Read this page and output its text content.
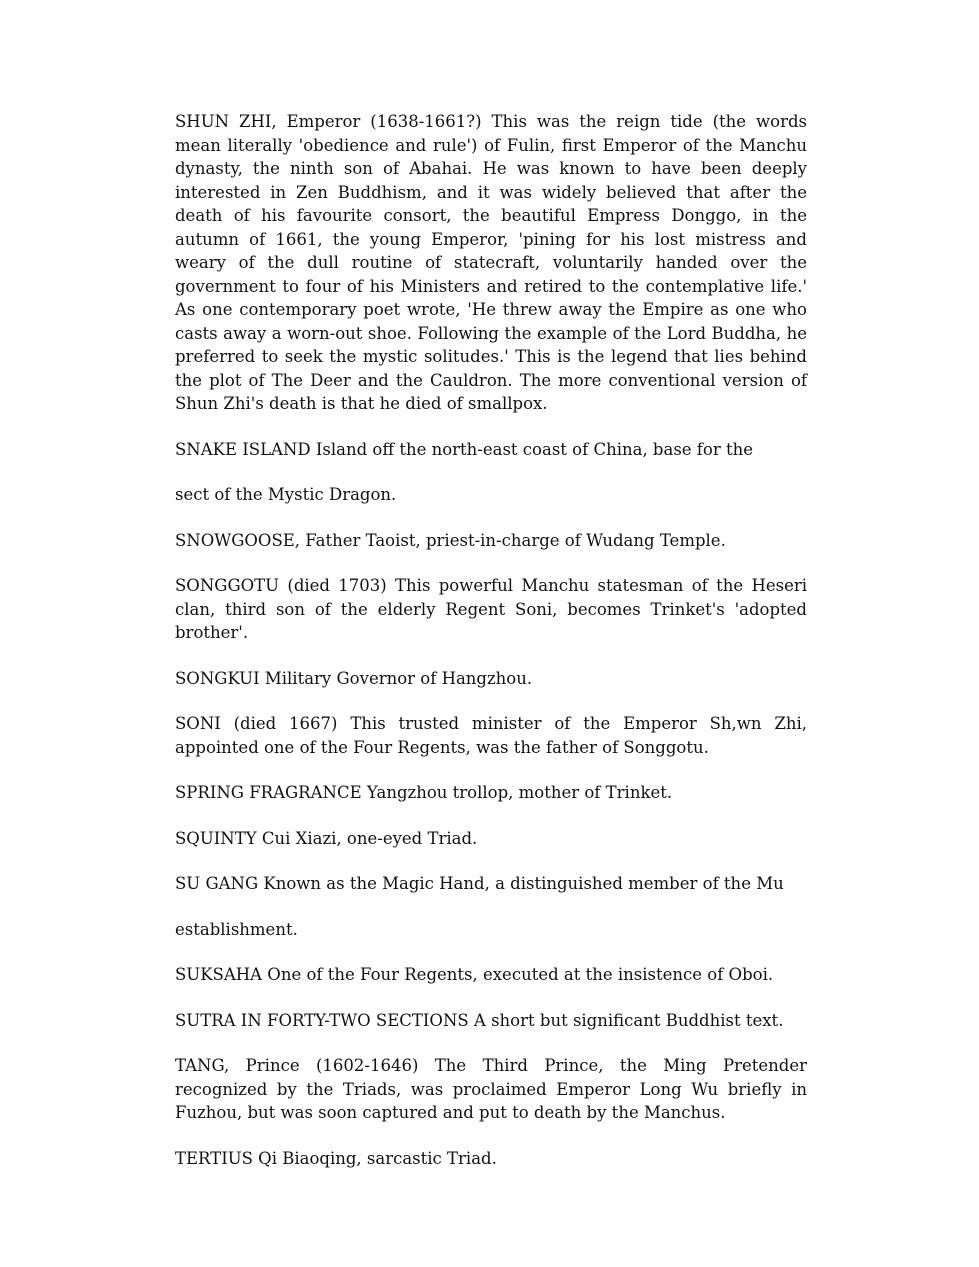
SHUN ZHI, Emperor (1638-1661?) This was the reign tide (the words mean literally 'obedience and rule') of Fulin, first Emperor of the Manchu dynasty, the ninth son of Abahai. He was known to have been deeply interested in Zen Buddhism, and it was widely believed that after the death of his favourite consort, the beautiful Empress Donggo, in the autumn of 1661, the young Emperor, 'pining for his lost mistress and weary of the dull routine of statecraft, voluntarily handed over the government to four of his Ministers and retired to the contemplative life.' As one contemporary poet wrote, 'He threw away the Empire as one who casts away a worn-out shoe. Following the example of the Lord Buddha, he preferred to seek the mystic solitudes.' This is the legend that lies behind the plot of The Deer and the Cauldron. The more conventional version of Shun Zhi's death is that he died of smallpox.

SNAKE ISLAND Island off the north-east coast of China, base for the

sect of the Mystic Dragon.

SNOWGOOSE, Father Taoist, priest-in-charge of Wudang Temple.

SONGGOTU (died 1703) This powerful Manchu statesman of the Heseri clan, third son of the elderly Regent Soni, becomes Trinket's 'adopted brother'.

SONGKUI Military Governor of Hangzhou.

SONI (died 1667) This trusted minister of the Emperor Sh,wn Zhi, appointed one of the Four Regents, was the father of Songgotu.

SPRING FRAGRANCE Yangzhou trollop, mother of Trinket.

SQUINTY Cui Xiazi, one-eyed Triad.

SU GANG Known as the Magic Hand, a distinguished member of the Mu

establishment.

SUKSAHA One of the Four Regents, executed at the insistence of Oboi.

SUTRA IN FORTY-TWO SECTIONS A short but significant Buddhist text.

TANG, Prince (1602-1646) The Third Prince, the Ming Pretender recognized by the Triads, was proclaimed Emperor Long Wu briefly in Fuzhou, but was soon captured and put to death by the Manchus.

TERTIUS Qi Biaoqing, sarcastic Triad.
